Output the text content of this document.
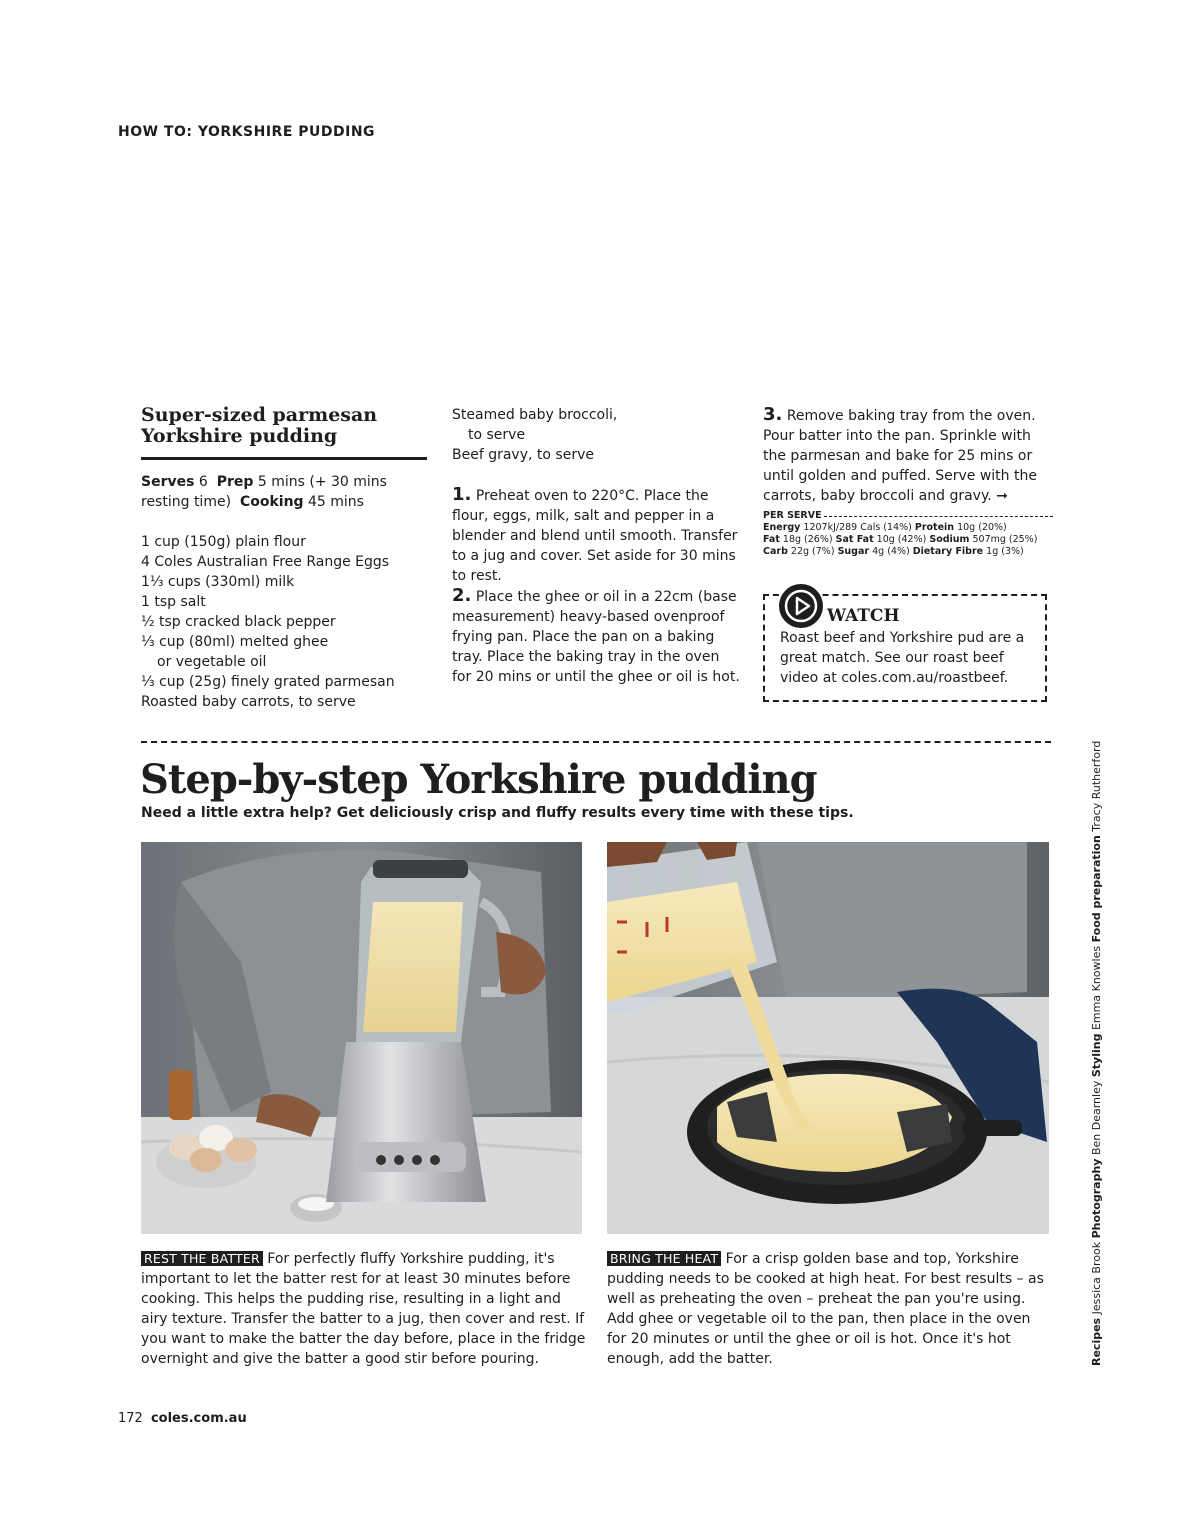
HOW TO: YORKSHIRE PUDDING
Super-sized parmesan
Yorkshire pudding
Serves 6 Prep 5 mins (+ 30 mins resting time) Cooking 45 mins
1 cup (150g) plain flour
4 Coles Australian Free Range Eggs
1⅓ cups (330ml) milk
1 tsp salt
½ tsp cracked black pepper
⅓ cup (80ml) melted ghee
or vegetable oil
⅓ cup (25g) finely grated parmesan
Roasted baby carrots, to serve
Steamed baby broccoli,
to serve
Beef gravy, to serve
1. Preheat oven to 220°C. Place the flour, eggs, milk, salt and pepper in a blender and blend until smooth. Transfer to a jug and cover. Set aside for 30 mins to rest.
2. Place the ghee or oil in a 22cm (base measurement) heavy-based ovenproof frying pan. Place the pan on a baking tray. Place the baking tray in the oven for 20 mins or until the ghee or oil is hot.
3. Remove baking tray from the oven. Pour batter into the pan. Sprinkle with the parmesan and bake for 25 mins or until golden and puffed. Serve with the carrots, baby broccoli and gravy. ➞
PER SERVE
Energy 1207kJ/289 Cals (14%) Protein 10g (20%)
Fat 18g (26%) Sat Fat 10g (42%) Sodium 507mg (25%)
Carb 22g (7%) Sugar 4g (4%) Dietary Fibre 1g (3%)
WATCH
Roast beef and Yorkshire pud are a great match. See our roast beef video at coles.com.au/roastbeef.
Step-by-step Yorkshire pudding
Need a little extra help? Get deliciously crisp and fluffy results every time with these tips.
REST THE BATTER For perfectly fluffy Yorkshire pudding, it's important to let the batter rest for at least 30 minutes before cooking. This helps the pudding rise, resulting in a light and airy texture. Transfer the batter to a jug, then cover and rest. If you want to make the batter the day before, place in the fridge overnight and give the batter a good stir before pouring.
BRING THE HEAT For a crisp golden base and top, Yorkshire pudding needs to be cooked at high heat. For best results – as well as preheating the oven – preheat the pan you're using. Add ghee or vegetable oil to the pan, then place in the oven for 20 minutes or until the ghee or oil is hot. Once it's hot enough, add the batter.	Recipes Jessica Brook Photography Ben Dearnley Styling Emma Knowles Food preparation Tracy Rutherford
172 coles.com.au
